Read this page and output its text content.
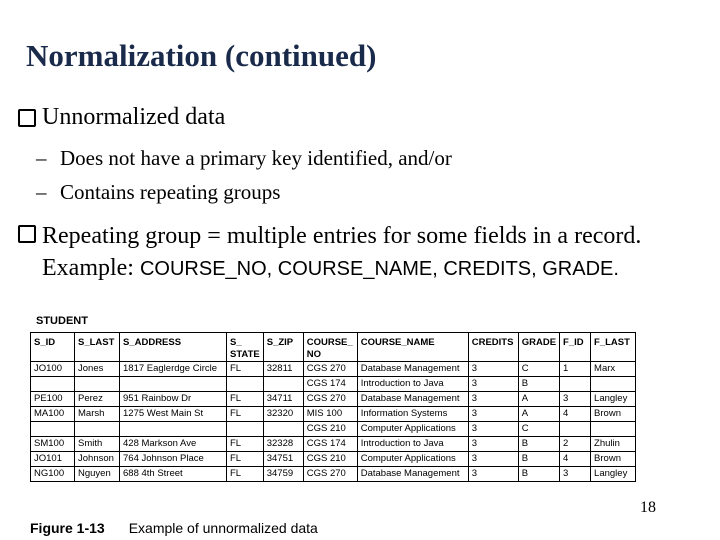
Normalization (continued)
Unnormalized data
– Does not have a primary key identified, and/or
– Contains repeating groups
Repeating group = multiple entries for some fields in a record. Example: COURSE_NO, COURSE_NAME, CREDITS, GRADE.
STUDENT
S_ID	S_LAST	S_ADDRESS	S_ STATE	S_ZIP	COURSE_ NO	COURSE_NAME	CREDITS	GRADE	F_ID	F_LAST
JO100	Jones	1817 Eaglerdge Circle	FL	32811	CGS 270	Database Management	3	C	1	Marx
					CGS 174	Introduction to Java	3	B		
PE100	Perez	951 Rainbow Dr	FL	34711	CGS 270	Database Management	3	A	3	Langley
MA100	Marsh	1275 West Main St	FL	32320	MIS 100	Information Systems	3	A	4	Brown
					CGS 210	Computer Applications	3	C		
SM100	Smith	428 Markson Ave	FL	32328	CGS 174	Introduction to Java	3	B	2	Zhulin
JO101	Johnson	764 Johnson Place	FL	34751	CGS 210	Computer Applications	3	B	4	Brown
NG100	Nguyen	688 4th Street	FL	34759	CGS 270	Database Management	3	B	3	Langley
Figure 1-13 Example of unnormalized data
18
